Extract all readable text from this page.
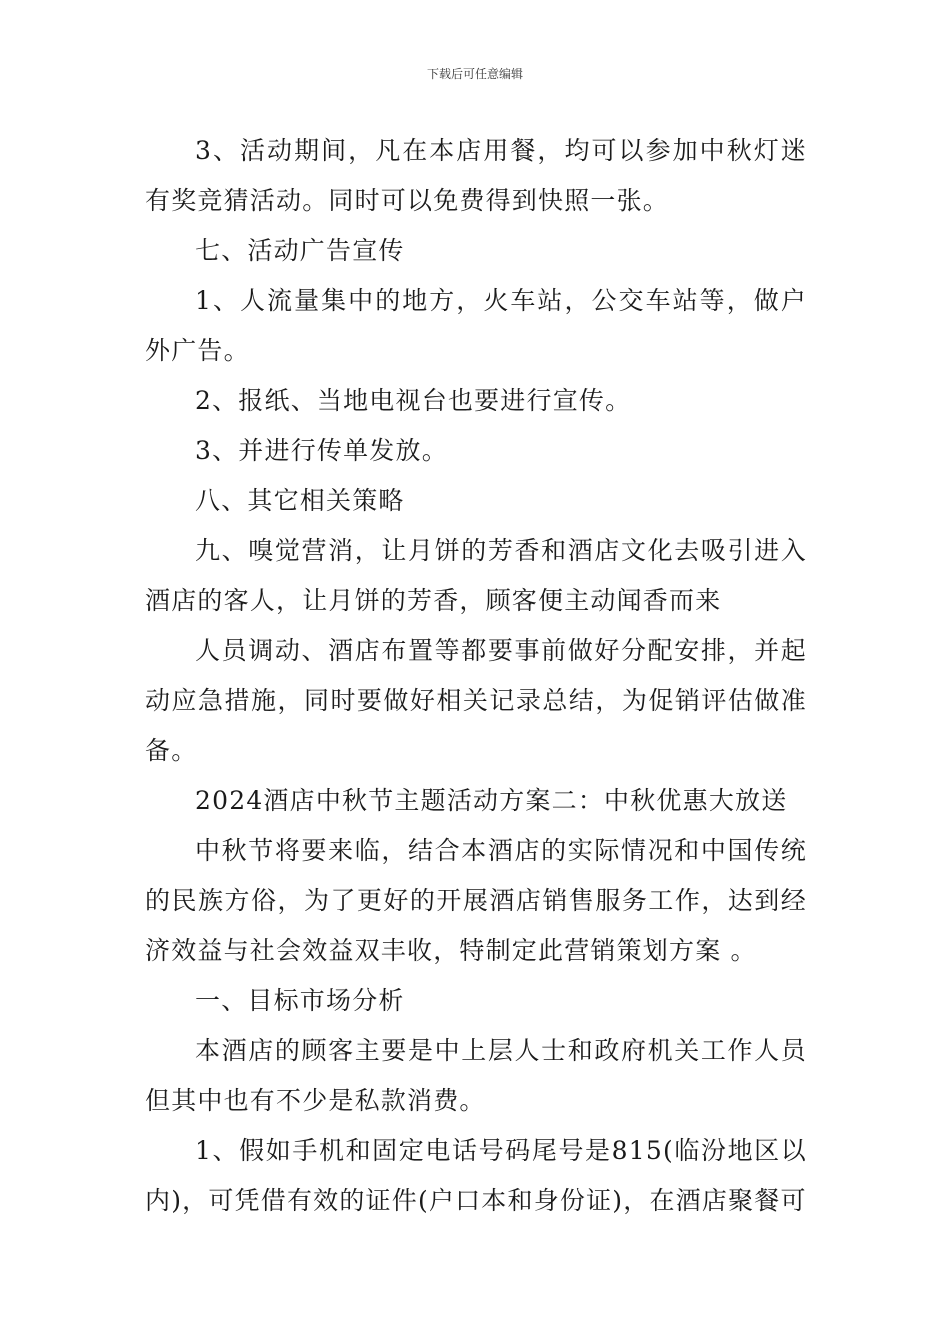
下载后可任意编辑

3、活动期间，凡在本店用餐，均可以参加中秋灯迷有奖竞猜活动。同时可以免费得到快照一张。

七、活动广告宣传

1、人流量集中的地方，火车站，公交车站等，做户外广告。

2、报纸、当地电视台也要进行宣传。

3、并进行传单发放。

八、其它相关策略

九、嗅觉营消，让月饼的芳香和酒店文化去吸引进入酒店的客人，让月饼的芳香，顾客便主动闻香而来

人员调动、酒店布置等都要事前做好分配安排，并起动应急措施，同时要做好相关记录总结，为促销评估做准备。

2024酒店中秋节主题活动方案二：中秋优惠大放送

中秋节将要来临，结合本酒店的实际情况和中国传统的民族方俗，为了更好的开展酒店销售服务工作，达到经济效益与社会效益双丰收，特制定此营销策划方案 。

一、目标市场分析

本酒店的顾客主要是中上层人士和政府机关工作人员但其中也有不少是私款消费。

1、假如手机和固定电话号码尾号是815(临汾地区以内)，可凭借有效的证件(户口本和身份证)，在酒店聚餐可
